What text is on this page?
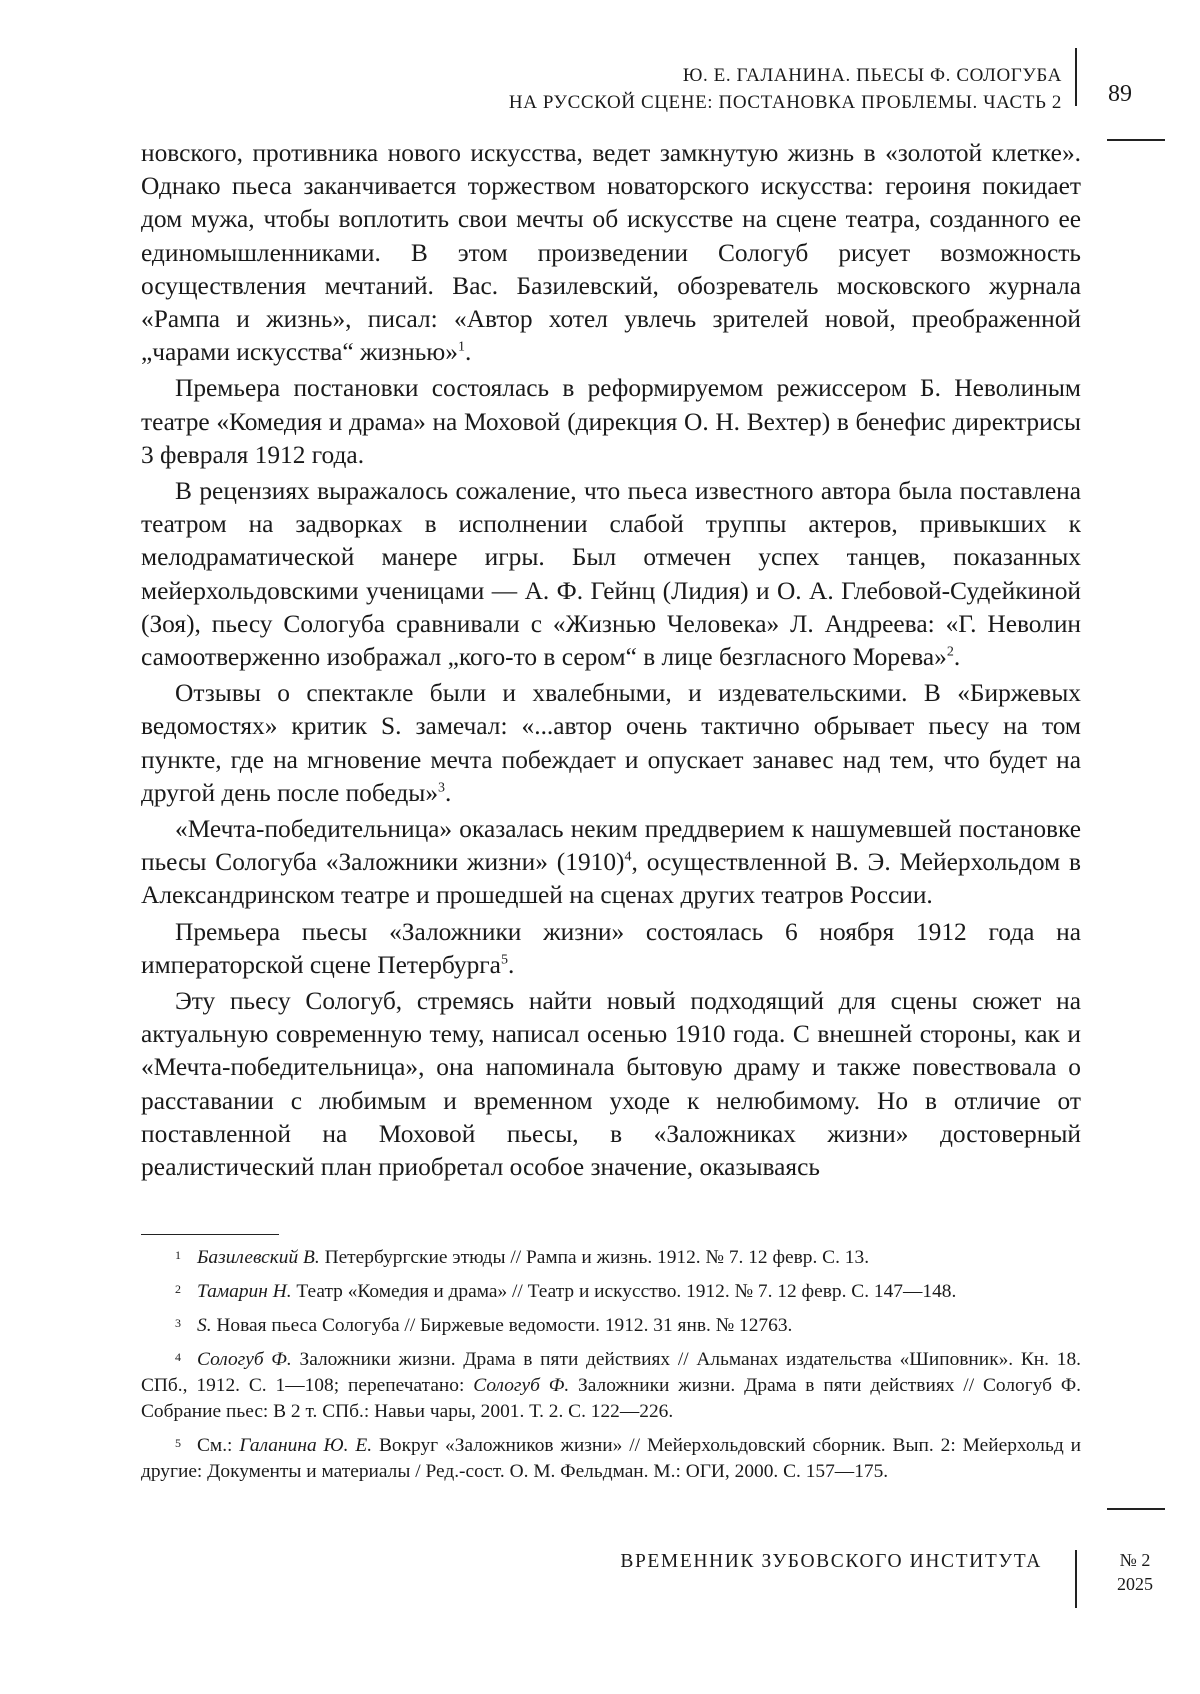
Ю. Е. ГАЛАНИНА. ПЬЕСЫ Ф. СОЛОГУБА
НА РУССКОЙ СЦЕНЕ: ПОСТАНОВКА ПРОБЛЕМЫ. ЧАСТЬ 2 89

новского, противника нового искусства, ведет замкнутую жизнь в «золотой клетке». Однако пьеса заканчивается торжеством новаторского искусства: героиня покидает дом мужа, чтобы воплотить свои мечты об искусстве на сцене театра, созданного ее единомышленниками. В этом произведении Сологуб рисует возможность осуществления мечтаний. Вас. Базилевский, обозреватель московского журнала «Рампа и жизнь», писал: «Автор хотел увлечь зрителей новой, преображенной „чарами искусства“ жизнью»$^1$.

Премьера постановки состоялась в реформируемом режиссером Б. Неволиным театре «Комедия и драма» на Моховой (дирекция О. Н. Вехтер) в бенефис директрисы 3 февраля 1912 года.

В рецензиях выражалось сожаление, что пьеса известного автора была поставлена театром на задворках в исполнении слабой труппы актеров, привыкших к мелодраматической манере игры. Был отмечен успех танцев, показанных мейерхольдовскими ученицами — А. Ф. Гейнц (Лидия) и О. А. Глебовой-Судейкиной (Зоя), пьесу Сологуба сравнивали с «Жизнью Человека» Л. Андреева: «Г. Неволин самоотверженно изображал „кого-то в сером“ в лице безгласного Морева»$^2$.

Отзывы о спектакле были и хвалебными, и издевательскими. В «Биржевых ведомостях» критик S. замечал: «...автор очень тактично обрывает пьесу на том пункте, где на мгновение мечта побеждает и опускает занавес над тем, что будет на другой день после победы»$^3$.

«Мечта-победительница» оказалась неким преддверием к нашумевшей постановке пьесы Сологуба «Заложники жизни» $(1910)^4$, осуществленной В. Э. Мейерхольдом в Александринском театре и прошедшей на сценах других театров России.

Премьера пьесы «Заложники жизни» состоялась 6 ноября 1912 года на императорской сцене Петербурга$^5$.

Эту пьесу Сологуб, стремясь найти новый подходящий для сцены сюжет на актуальную современную тему, написал осенью 1910 года. С внешней стороны, как и «Мечта-победительница», она напоминала бытовую драму и также повествовала о расставании с любимым и временном уходе к нелюбимому. Но в отличие от поставленной на Моховой пьесы, в «Заложниках жизни» достоверный реалистический план приобретал особое значение, оказываясь

1 Базилевский В. Петербургские этюды // Рампа и жизнь. 1912. № 7. 12 февр. С. 13.

2 Тамарин Н. Театр «Комедия и драма» // Театр и искусство. 1912. № 7. 12 февр. С. 147—148.

3 S. Новая пьеса Сологуба // Биржевые ведомости. 1912. 31 янв. № 12763.

4 Сологуб Ф. Заложники жизни. Драма в пяти действиях // Альманах издательства «Шиповник». Кн. 18. СПб., 1912. С. 1—108; перепечатано: Сологуб Ф. Заложники жизни. Драма в пяти действиях // Сологуб Ф. Собрание пьес: В 2 т. СПб.: Навьи чары, 2001. Т. 2. С. 122—226.

5 См.: Галанина Ю. Е. Вокруг «Заложников жизни» // Мейерхольдовский сборник. Вып. 2: Мейерхольд и другие: Документы и материалы / Ред.-сост. О. М. Фельдман. М.: ОГИ, 2000. С. 157—175.

ВРЕМЕННИК ЗУБОВСКОГО ИНСТИТУТА	№ 2
2025
